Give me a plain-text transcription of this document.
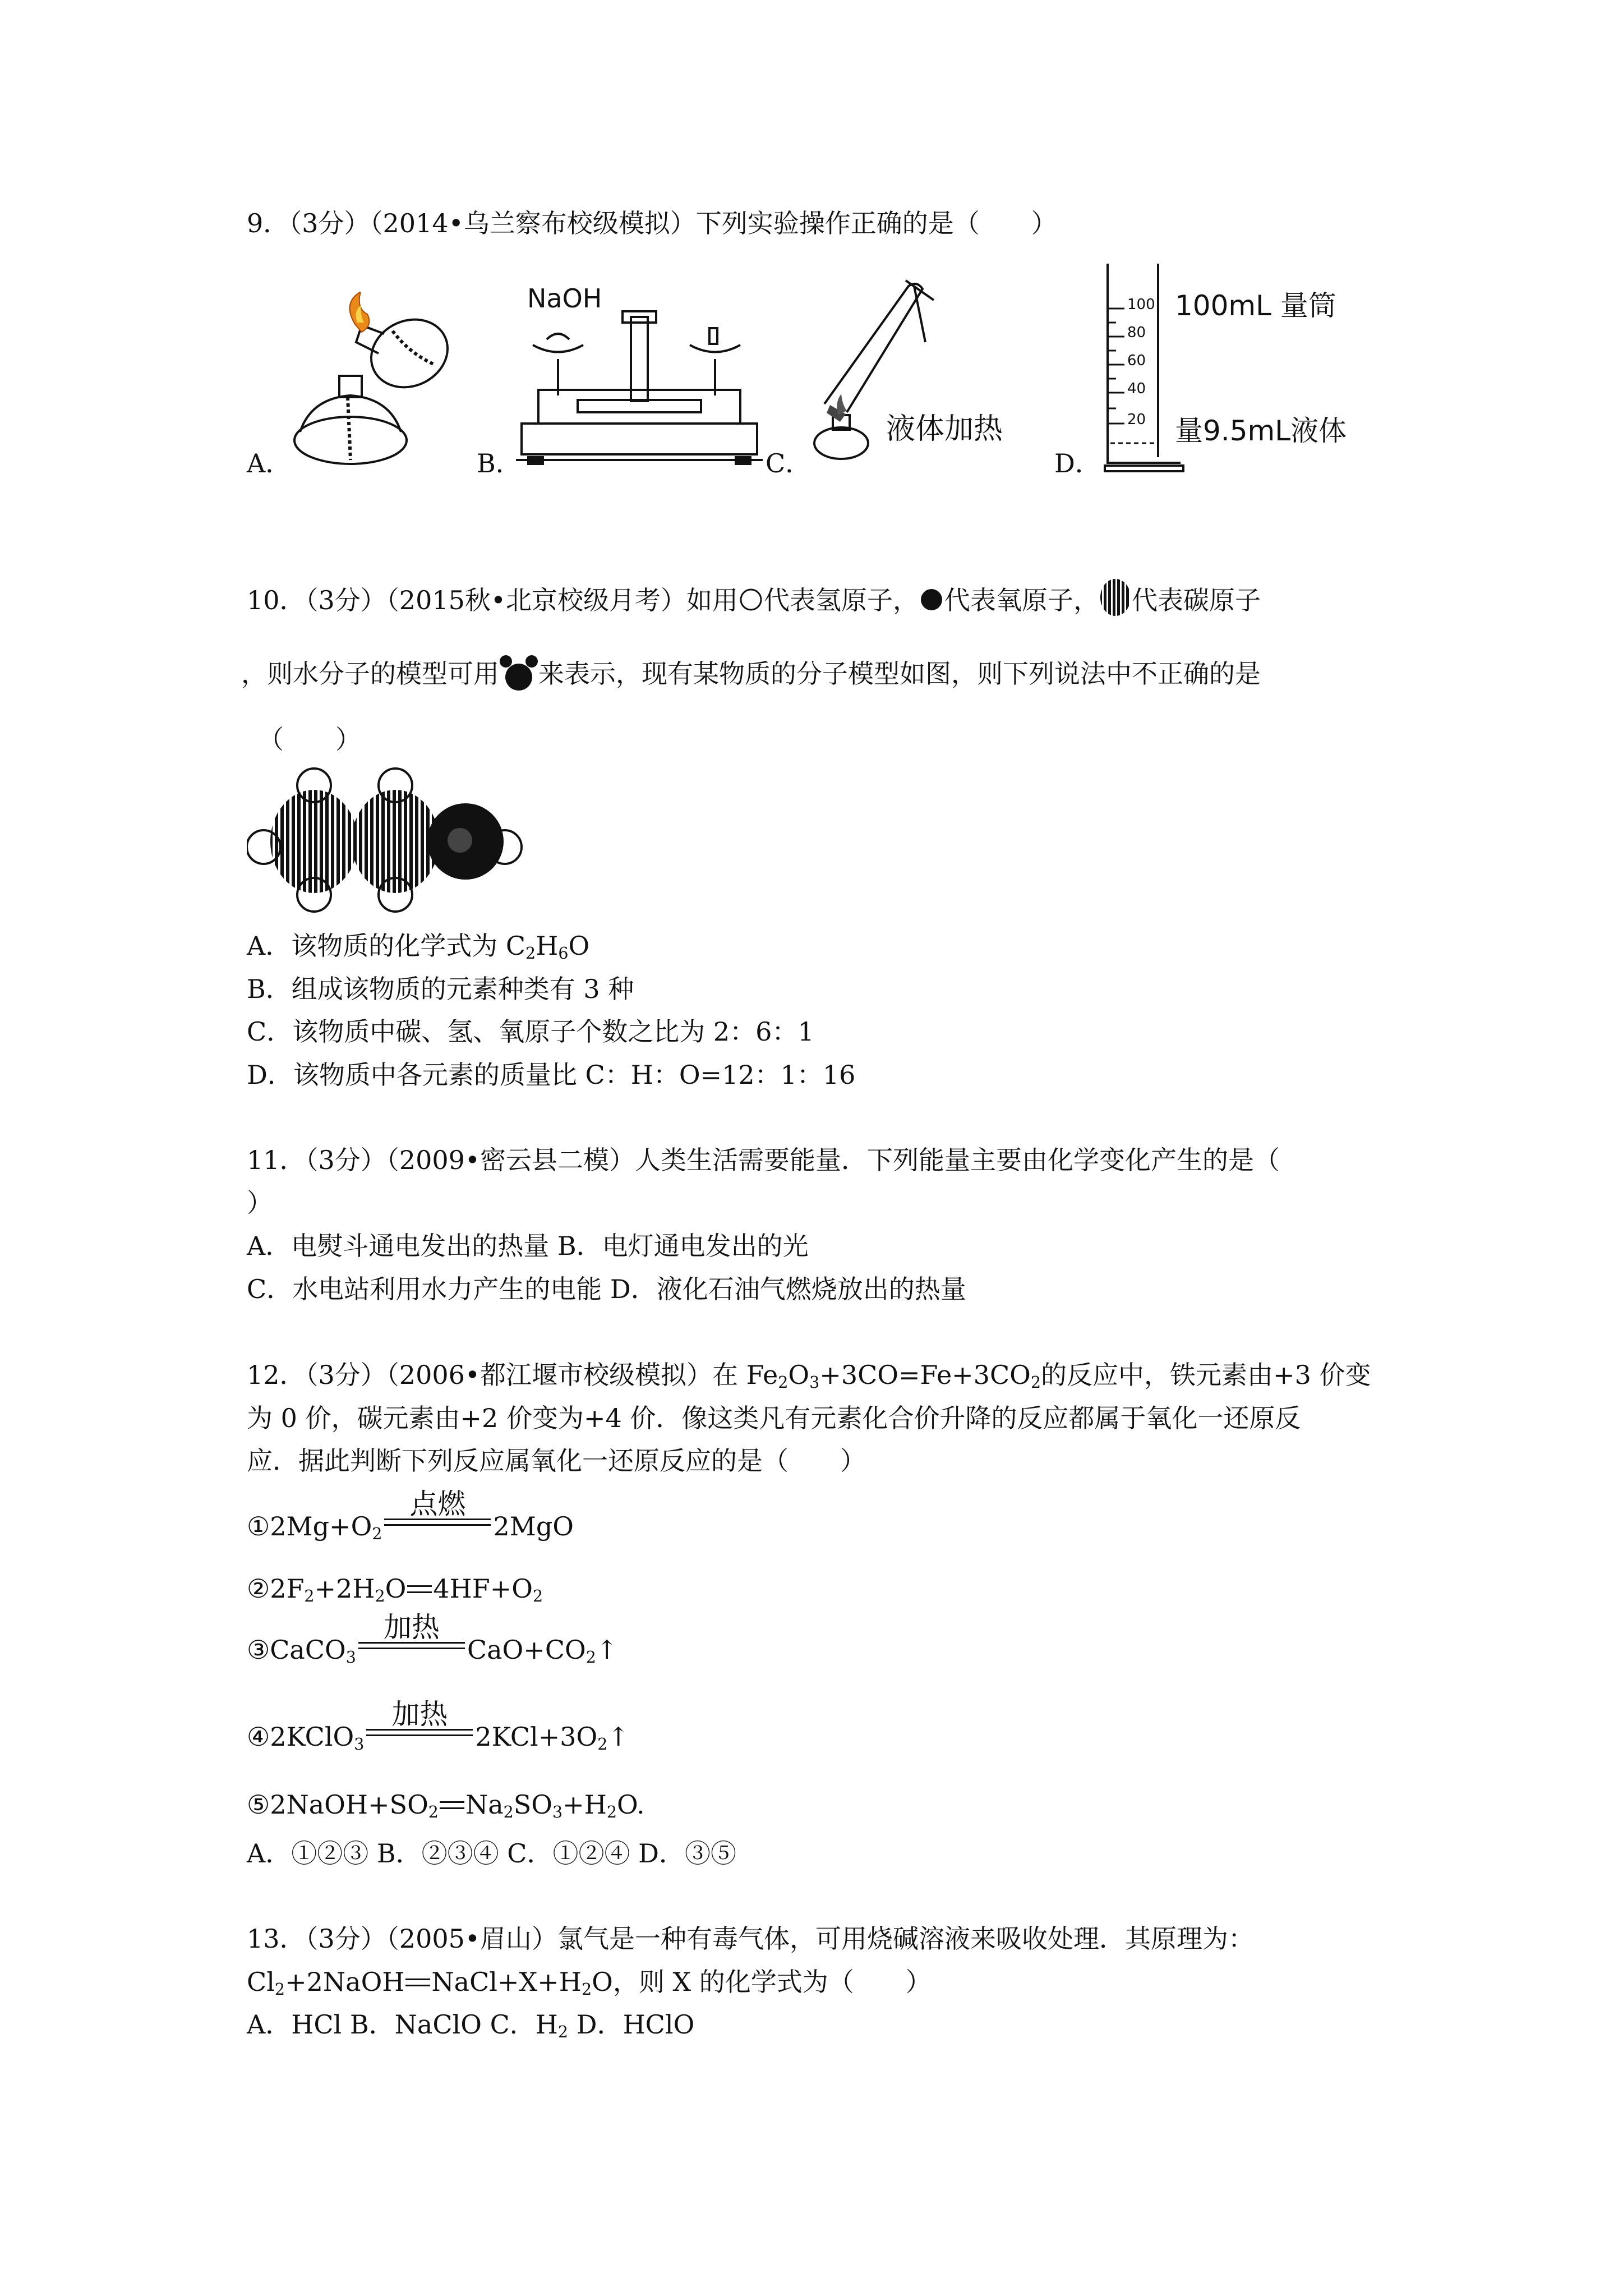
9．（3分）（2014•乌兰察布校级模拟）下列实验操作正确的是（　　）
A．	B．	C．	D．
NaOH
液体加热
100
80
60
40
20
100mL 量筒
量9.5mL液体
10．（3分）（2015秋•北京校级月考）如用 代表氢原子， 代表氧原子， 代表碳原子
，则水分子的模型可用 来表示，现有某物质的分子模型如图，则下列说法中不正确的是
（　　）
A．该物质的化学式为 $C_2H_6O$
B．组成该物质的元素种类有 3 种
C．该物质中碳、氢、氧原子个数之比为 2：6：1
D．该物质中各元素的质量比 C：H：O=12：1：16
11．（3分）（2009•密云县二模）人类生活需要能量．下列能量主要由化学变化产生的是（
）
A．电熨斗通电发出的热量 B．电灯通电发出的光
C．水电站利用水力产生的电能 D．液化石油气燃烧放出的热量
12．（3分）（2006•都江堰市校级模拟）在 $Fe_2O_3+3CO=Fe+3CO_2$的反应中，铁元素由+3 价变
为 0 价，碳元素由+2 价变为+4 价．像这类凡有元素化合价升降的反应都属于氧化一还原反
应．据此判断下列反应属氧化一还原反应的是（　　）
$①2Mg+O_2$
点燃
2MgO
$②2F_2+2H_2O$ $4HF+O_2$
③CaCO$_3$
加热
$CaO+CO_2↑$
④2KClO$_3$
加热
$2KCl+3O_2↑$
$⑤2NaOH+SO_2$ $Na_2SO_3+H_2O$.
A．①②③ B．②③④ C．①②④ D．③⑤
13．（3分）（2005•眉山）氯气是一种有毒气体，可用烧碱溶液来吸收处理．其原理为：
$Cl_2+2NaOH$ $NaCl+X+H_2O$，则 X 的化学式为（　　）
A．HCl B．NaClO C．$H_2$ D．HClO
